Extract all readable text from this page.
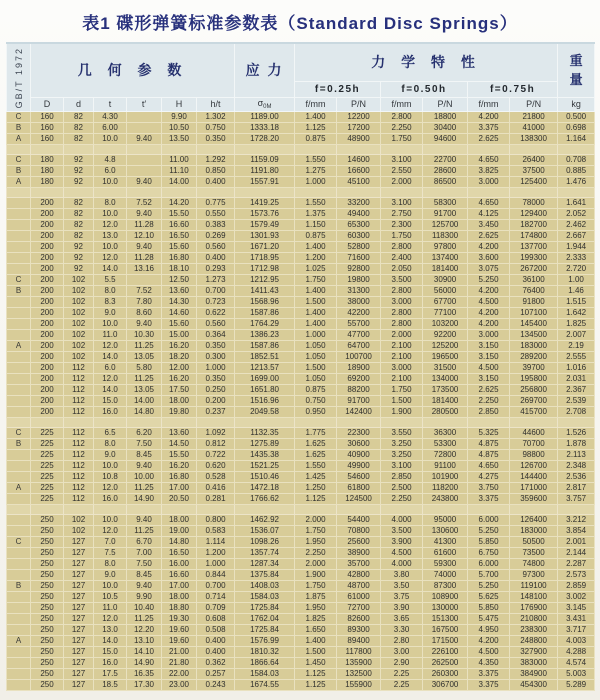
表1 碟形弹簧标准参数表（Standard Disc Springs）
GB/T 1972	几 何 参 数						应 力	力 学 特 性						重量

								f=0.25h		f=0.50h		f=0.75h		
	D	d	t	t′	H	h/t	$\sigma_{0M}$	f/mm	P/N	f/mm	P/N	f/mm	P/N	kg
C	160	82	4.30		9.90	1.302	1189.00	1.400	12200	2.800	18800	4.200	21800	0.500
B	160	82	6.00		10.50	0.750	1333.18	1.125	17200	2.250	30400	3.375	41000	0.698
A	160	82	10.0	9.40	13.50	0.350	1728.20	0.875	48900	1.750	94600	2.625	138300	1.164

C	180	92	4.8		11.00	1.292	1159.09	1.550	14600	3.100	22700	4.650	26400	0.708
B	180	92	6.0		11.10	0.850	1191.80	1.275	16600	2.550	28600	3.825	37500	0.885
A	180	92	10.0	9.40	14.00	0.400	1557.91	1.000	45100	2.000	86500	3.000	125400	1.476

	200	82	8.0	7.52	14.20	0.775	1419.25	1.550	33200	3.100	58300	4.650	78000	1.641
	200	82	10.0	9.40	15.50	0.550	1573.76	1.375	49400	2.750	91700	4.125	129400	2.052
	200	82	12.0	11.28	16.60	0.383	1579.49	1.150	65300	2.300	125700	3.450	182700	2.462
	200	82	13.0	12.10	16.50	0.269	1301.93	0.875	60300	1.750	118300	2.625	174800	2.667
	200	92	10.0	9.40	15.60	0.560	1671.20	1.400	52800	2.800	97800	4.200	137700	1.944
	200	92	12.0	11.28	16.80	0.400	1718.95	1.200	71600	2.400	137400	3.600	199300	2.333
	200	92	14.0	13.16	18.10	0.293	1712.98	1.025	92800	2.050	181400	3.075	267200	2.720
C	200	102	5.5		12.50	1.273	1212.95	1.750	19800	3.500	30900	5.250	36100	1.00
B	200	102	8.0	7.52	13.60	0.700	1411.43	1.400	31300	2.800	56000	4.200	76400	1.46
	200	102	8.3	7.80	14.30	0.723	1568.96	1.500	38000	3.000	67700	4.500	91800	1.515
	200	102	9.0	8.60	14.60	0.622	1587.86	1.400	42200	2.800	77100	4.200	107100	1.642
	200	102	10.0	9.40	15.60	0.560	1764.29	1.400	55700	2.800	103200	4.200	145400	1.825
	200	102	11.0	10.30	15.00	0.364	1386.23	1.000	47700	2.000	92200	3.000	134500	2.007
A	200	102	12.0	11.25	16.20	0.350	1587.86	1.050	64700	2.100	125200	3.150	183000	2.19
	200	102	14.0	13.05	18.20	0.300	1852.51	1.050	100700	2.100	196500	3.150	289200	2.555
	200	112	6.0	5.80	12.00	1.000	1213.57	1.500	18900	3.000	31500	4.500	39700	1.016
	200	112	12.0	11.25	16.20	0.350	1699.00	1.050	69200	2.100	134000	3.150	195800	2.031
	200	112	14.0	13.05	17.50	0.250	1651.80	0.875	88200	1.750	173500	2.625	256800	2.367
	200	112	15.0	14.00	18.00	0.200	1516.96	0.750	91700	1.500	181400	2.250	269700	2.539
	200	112	16.0	14.80	19.80	0.237	2049.58	0.950	142400	1.900	280500	2.850	415700	2.708

C	225	112	6.5	6.20	13.60	1.092	1132.35	1.775	22300	3.550	36300	5.325	44600	1.526
B	225	112	8.0	7.50	14.50	0.812	1275.89	1.625	30600	3.250	53300	4.875	70700	1.878
	225	112	9.0	8.45	15.50	0.722	1435.38	1.625	40900	3.250	72800	4.875	98800	2.113
	225	112	10.0	9.40	16.20	0.620	1521.25	1.550	49900	3.100	91100	4.650	126700	2.348
	225	112	10.8	10.00	16.80	0.528	1510.46	1.425	54600	2.850	101900	4.275	144400	2.536
A	225	112	12.0	11.25	17.00	0.416	1472.18	1.250	61800	2.500	118200	3.750	171000	2.817
	225	112	16.0	14.90	20.50	0.281	1766.62	1.125	124500	2.250	243800	3.375	359600	3.757

	250	102	10.0	9.40	18.00	0.800	1462.92	2.000	54400	4.000	95000	6.000	126400	3.212
	250	102	12.0	11.25	19.00	0.583	1536.07	1.750	70800	3.500	130600	5.250	183000	3.854
C	250	127	7.0	6.70	14.80	1.114	1098.26	1.950	25600	3.900	41300	5.850	50500	2.001
	250	127	7.5	7.00	16.50	1.200	1357.74	2.250	38900	4.500	61600	6.750	73500	2.144
	250	127	8.0	7.50	16.00	1.000	1287.34	2.000	35700	4.000	59300	6.000	74800	2.287
	250	127	9.0	8.45	16.60	0.844	1375.84	1.900	42800	3.80	74000	5.700	97300	2.573
B	250	127	10.0	9.40	17.00	0.700	1408.03	1.750	48700	3.50	87300	5.250	119100	2.859
	250	127	10.5	9.90	18.00	0.714	1584.03	1.875	61000	3.75	108900	5.625	148100	3.002
	250	127	11.0	10.40	18.80	0.709	1725.84	1.950	72700	3.90	130000	5.850	176900	3.145
	250	127	12.0	11.25	19.30	0.608	1762.04	1.825	82600	3.65	151300	5.475	210800	3.431
	250	127	13.0	12.20	19.60	0.508	1725.84	1.650	89300	3.30	167500	4.950	238300	3.717
A	250	127	14.0	13.10	19.60	0.400	1576.99	1.400	89400	2.80	171500	4.200	248800	4.003
	250	127	15.0	14.10	21.00	0.400	1810.32	1.500	117800	3.00	226100	4.500	327900	4.288
	250	127	16.0	14.90	21.80	0.362	1866.64	1.450	135900	2.90	262500	4.350	383000	4.574
	250	127	17.5	16.35	22.00	0.257	1584.03	1.125	132500	2.25	260300	3.375	384900	5.003
	250	127	18.5	17.30	23.00	0.243	1674.55	1.125	155900	2.25	306700	3.375	454300	5.289
